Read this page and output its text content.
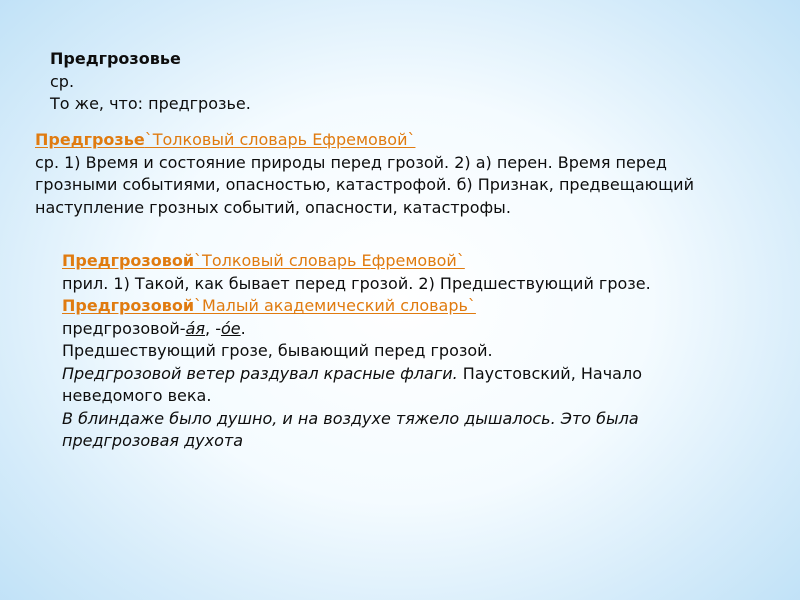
Предгрозовье
ср.
То же, что: предгрозье.
Предгрозье`Толковый словарь Ефремовой`
ср. 1) Время и состояние природы перед грозой. 2) а) перен. Время перед
грозными событиями, опасностью, катастрофой. б) Признак, предвещающий
наступление грозных событий, опасности, катастрофы.
Предгрозовой`Толковый словарь Ефремовой`
прил. 1) Такой, как бывает перед грозой. 2) Предшествующий грозе.
Предгрозовой`Малый академический словарь`
предгрозовой-а́я, -о́е.
Предшествующий грозе, бывающий перед грозой.
Предгрозовой ветер раздувал красные флаги. Паустовский, Начало
неведомого века.
В блиндаже было душно, и на воздухе тяжело дышалось. Это была
предгрозовая духота
